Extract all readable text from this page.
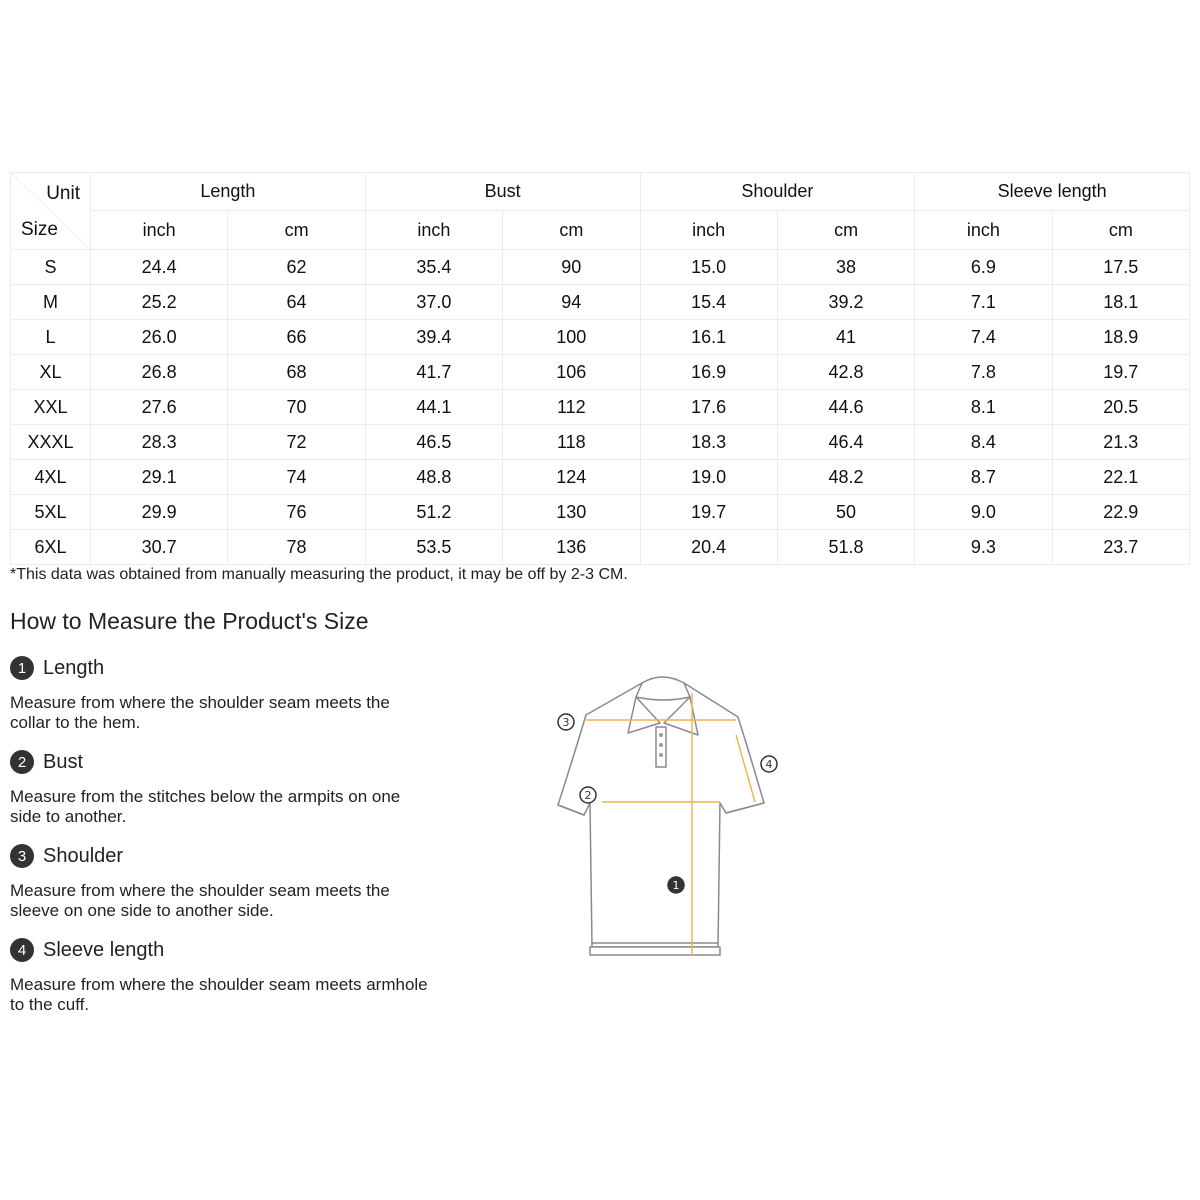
Unit
Size	Length		Bust		Shoulder		Sleeve length	
	inch	cm	inch	cm	inch	cm	inch	cm
S	24.4	62	35.4	90	15.0	38	6.9	17.5
M	25.2	64	37.0	94	15.4	39.2	7.1	18.1
L	26.0	66	39.4	100	16.1	41	7.4	18.9
XL	26.8	68	41.7	106	16.9	42.8	7.8	19.7
XXL	27.6	70	44.1	112	17.6	44.6	8.1	20.5
XXXL	28.3	72	46.5	118	18.3	46.4	8.4	21.3
4XL	29.1	74	48.8	124	19.0	48.2	8.7	22.1
5XL	29.9	76	51.2	130	19.7	50	9.0	22.9
6XL	30.7	78	53.5	136	20.4	51.8	9.3	23.7
*This data was obtained from manually measuring the product, it may be off by 2-3 CM.
How to Measure the Product's Size
1 Length
Measure from where the shoulder seam meets the collar to the hem.
2 Bust
Measure from the stitches below the armpits on one side to another.
3 Shoulder
Measure from where the shoulder seam meets the sleeve on one side to another side.
4 Sleeve length
Measure from where the shoulder seam meets armhole to the cuff.
3
4
2
1
